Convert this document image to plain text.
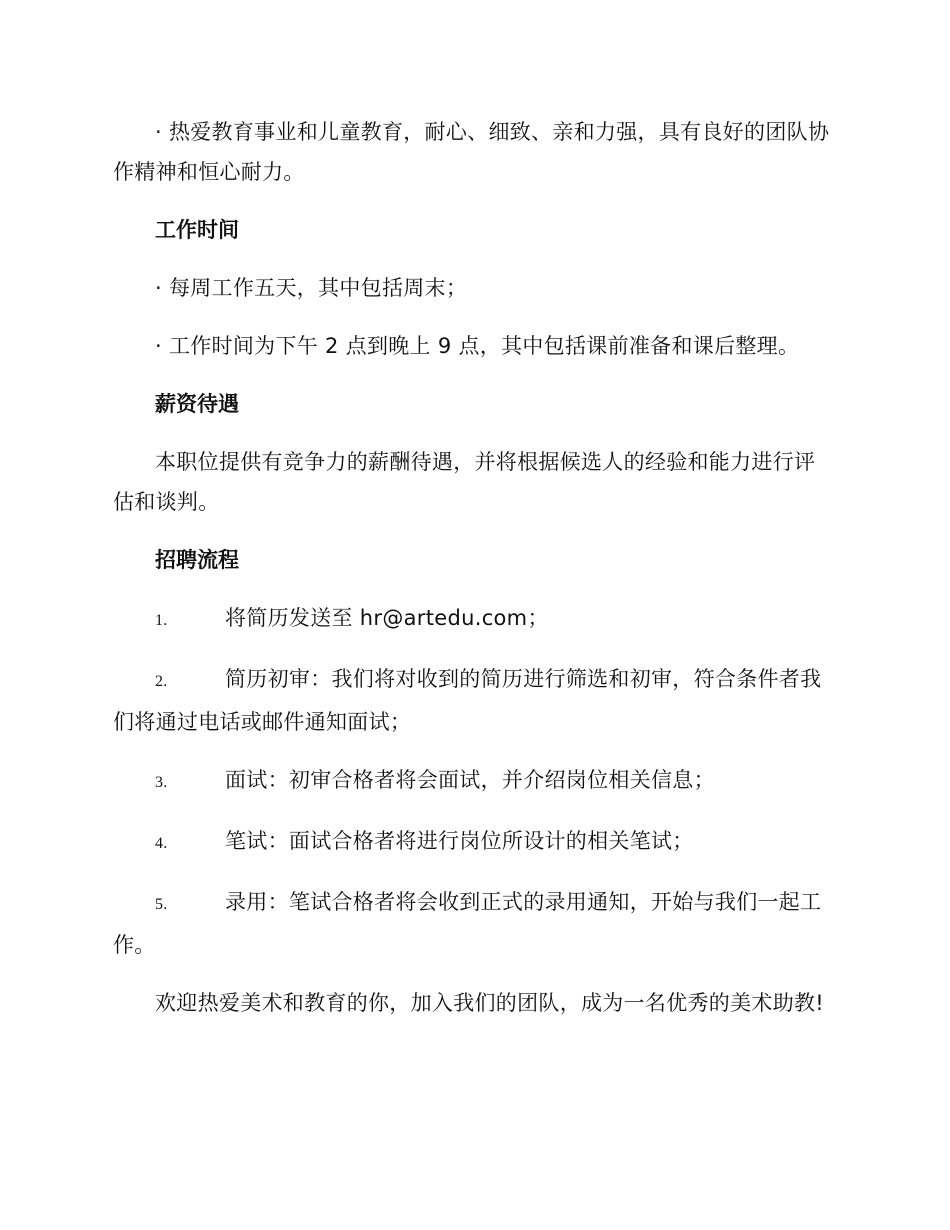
· 热爱教育事业和儿童教育，耐心、细致、亲和力强，具有良好的团队协作精神和恒心耐力。

工作时间

· 每周工作五天，其中包括周末；

· 工作时间为下午 2 点到晚上 9 点，其中包括课前准备和课后整理。

薪资待遇

本职位提供有竞争力的薪酬待遇，并将根据候选人的经验和能力进行评估和谈判。

招聘流程
1.	将简历发送至 hr@artedu.com；
2.	简历初审：我们将对收到的简历进行筛选和初审，符合条件者我们将通过电话或邮件通知面试；
3.	面试：初审合格者将会面试，并介绍岗位相关信息；
4.	笔试：面试合格者将进行岗位所设计的相关笔试；
5.	录用：笔试合格者将会收到正式的录用通知，开始与我们一起工作。

欢迎热爱美术和教育的你，加入我们的团队，成为一名优秀的美术助教!
